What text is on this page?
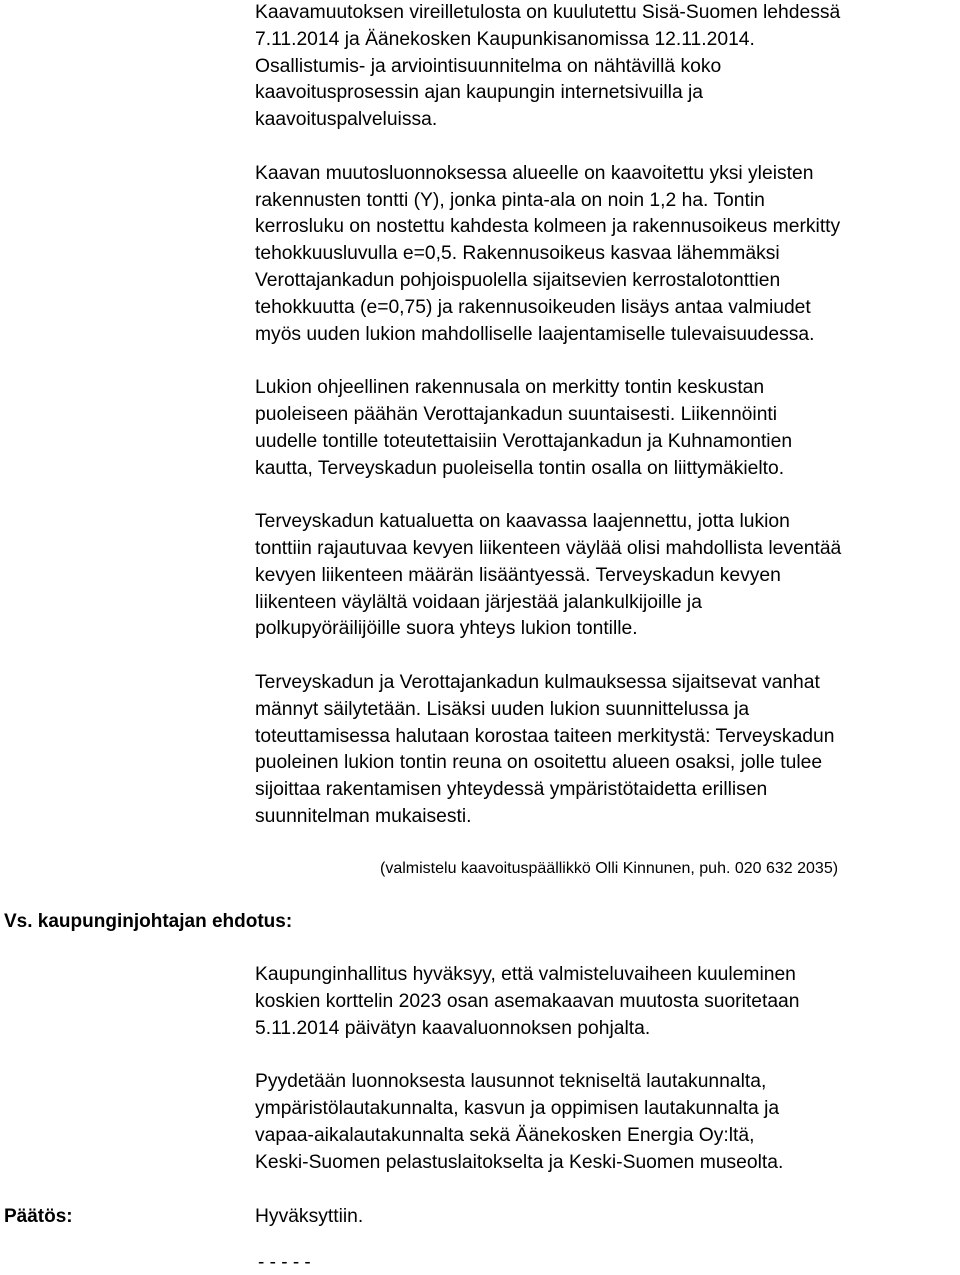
Kaavamuutoksen vireilletulosta on kuulutettu Sisä-Suomen lehdessä
7.11.2014 ja Äänekosken Kaupunkisanomissa 12.11.2014.
Osallistumis- ja arviointisuunnitelma on nähtävillä koko
kaavoitusprosessin ajan kaupungin internetsivuilla ja
kaavoituspalveluissa.
Kaavan muutosluonnoksessa alueelle on kaavoitettu yksi yleisten
rakennusten tontti (Y), jonka pinta-ala on noin 1,2 ha. Tontin
kerrosluku on nostettu kahdesta kolmeen ja rakennusoikeus merkitty
tehokkuusluvulla e=0,5. Rakennusoikeus kasvaa lähemmäksi
Verottajankadun pohjoispuolella sijaitsevien kerrostalotonttien
tehokkuutta (e=0,75) ja rakennusoikeuden lisäys antaa valmiudet
myös uuden lukion mahdolliselle laajentamiselle tulevaisuudessa.
Lukion ohjeellinen rakennusala on merkitty tontin keskustan
puoleiseen päähän Verottajankadun suuntaisesti. Liikennöinti
uudelle tontille toteutettaisiin Verottajankadun ja Kuhnamontien
kautta, Terveyskadun puoleisella tontin osalla on liittymäkielto.
Terveyskadun katualuetta on kaavassa laajennettu, jotta lukion
tonttiin rajautuvaa kevyen liikenteen väylää olisi mahdollista leventää
kevyen liikenteen määrän lisääntyessä. Terveyskadun kevyen
liikenteen väylältä voidaan järjestää jalankulkijoille ja
polkupyöräilijöille suora yhteys lukion tontille.
Terveyskadun ja Verottajankadun kulmauksessa sijaitsevat vanhat
männyt säilytetään. Lisäksi uuden lukion suunnittelussa ja
toteuttamisessa halutaan korostaa taiteen merkitystä: Terveyskadun
puoleinen lukion tontin reuna on osoitettu alueen osaksi, jolle tulee
sijoittaa rakentamisen yhteydessä ympäristötaidetta erillisen
suunnitelman mukaisesti.
(valmistelu kaavoituspäällikkö Olli Kinnunen, puh. 020 632 2035)
Vs. kaupunginjohtajan ehdotus:
Kaupunginhallitus hyväksyy, että valmisteluvaiheen kuuleminen
koskien korttelin 2023 osan asemakaavan muutosta suoritetaan
5.11.2014 päivätyn kaavaluonnoksen pohjalta.
Pyydetään luonnoksesta lausunnot tekniseltä lautakunnalta,
ympäristölautakunnalta, kasvun ja oppimisen lautakunnalta ja
vapaa-aikalautakunnalta sekä Äänekosken Energia Oy:ltä,
Keski-Suomen pelastuslaitokselta ja Keski-Suomen museolta.
Päätös:	Hyväksyttiin.
- - - - -
